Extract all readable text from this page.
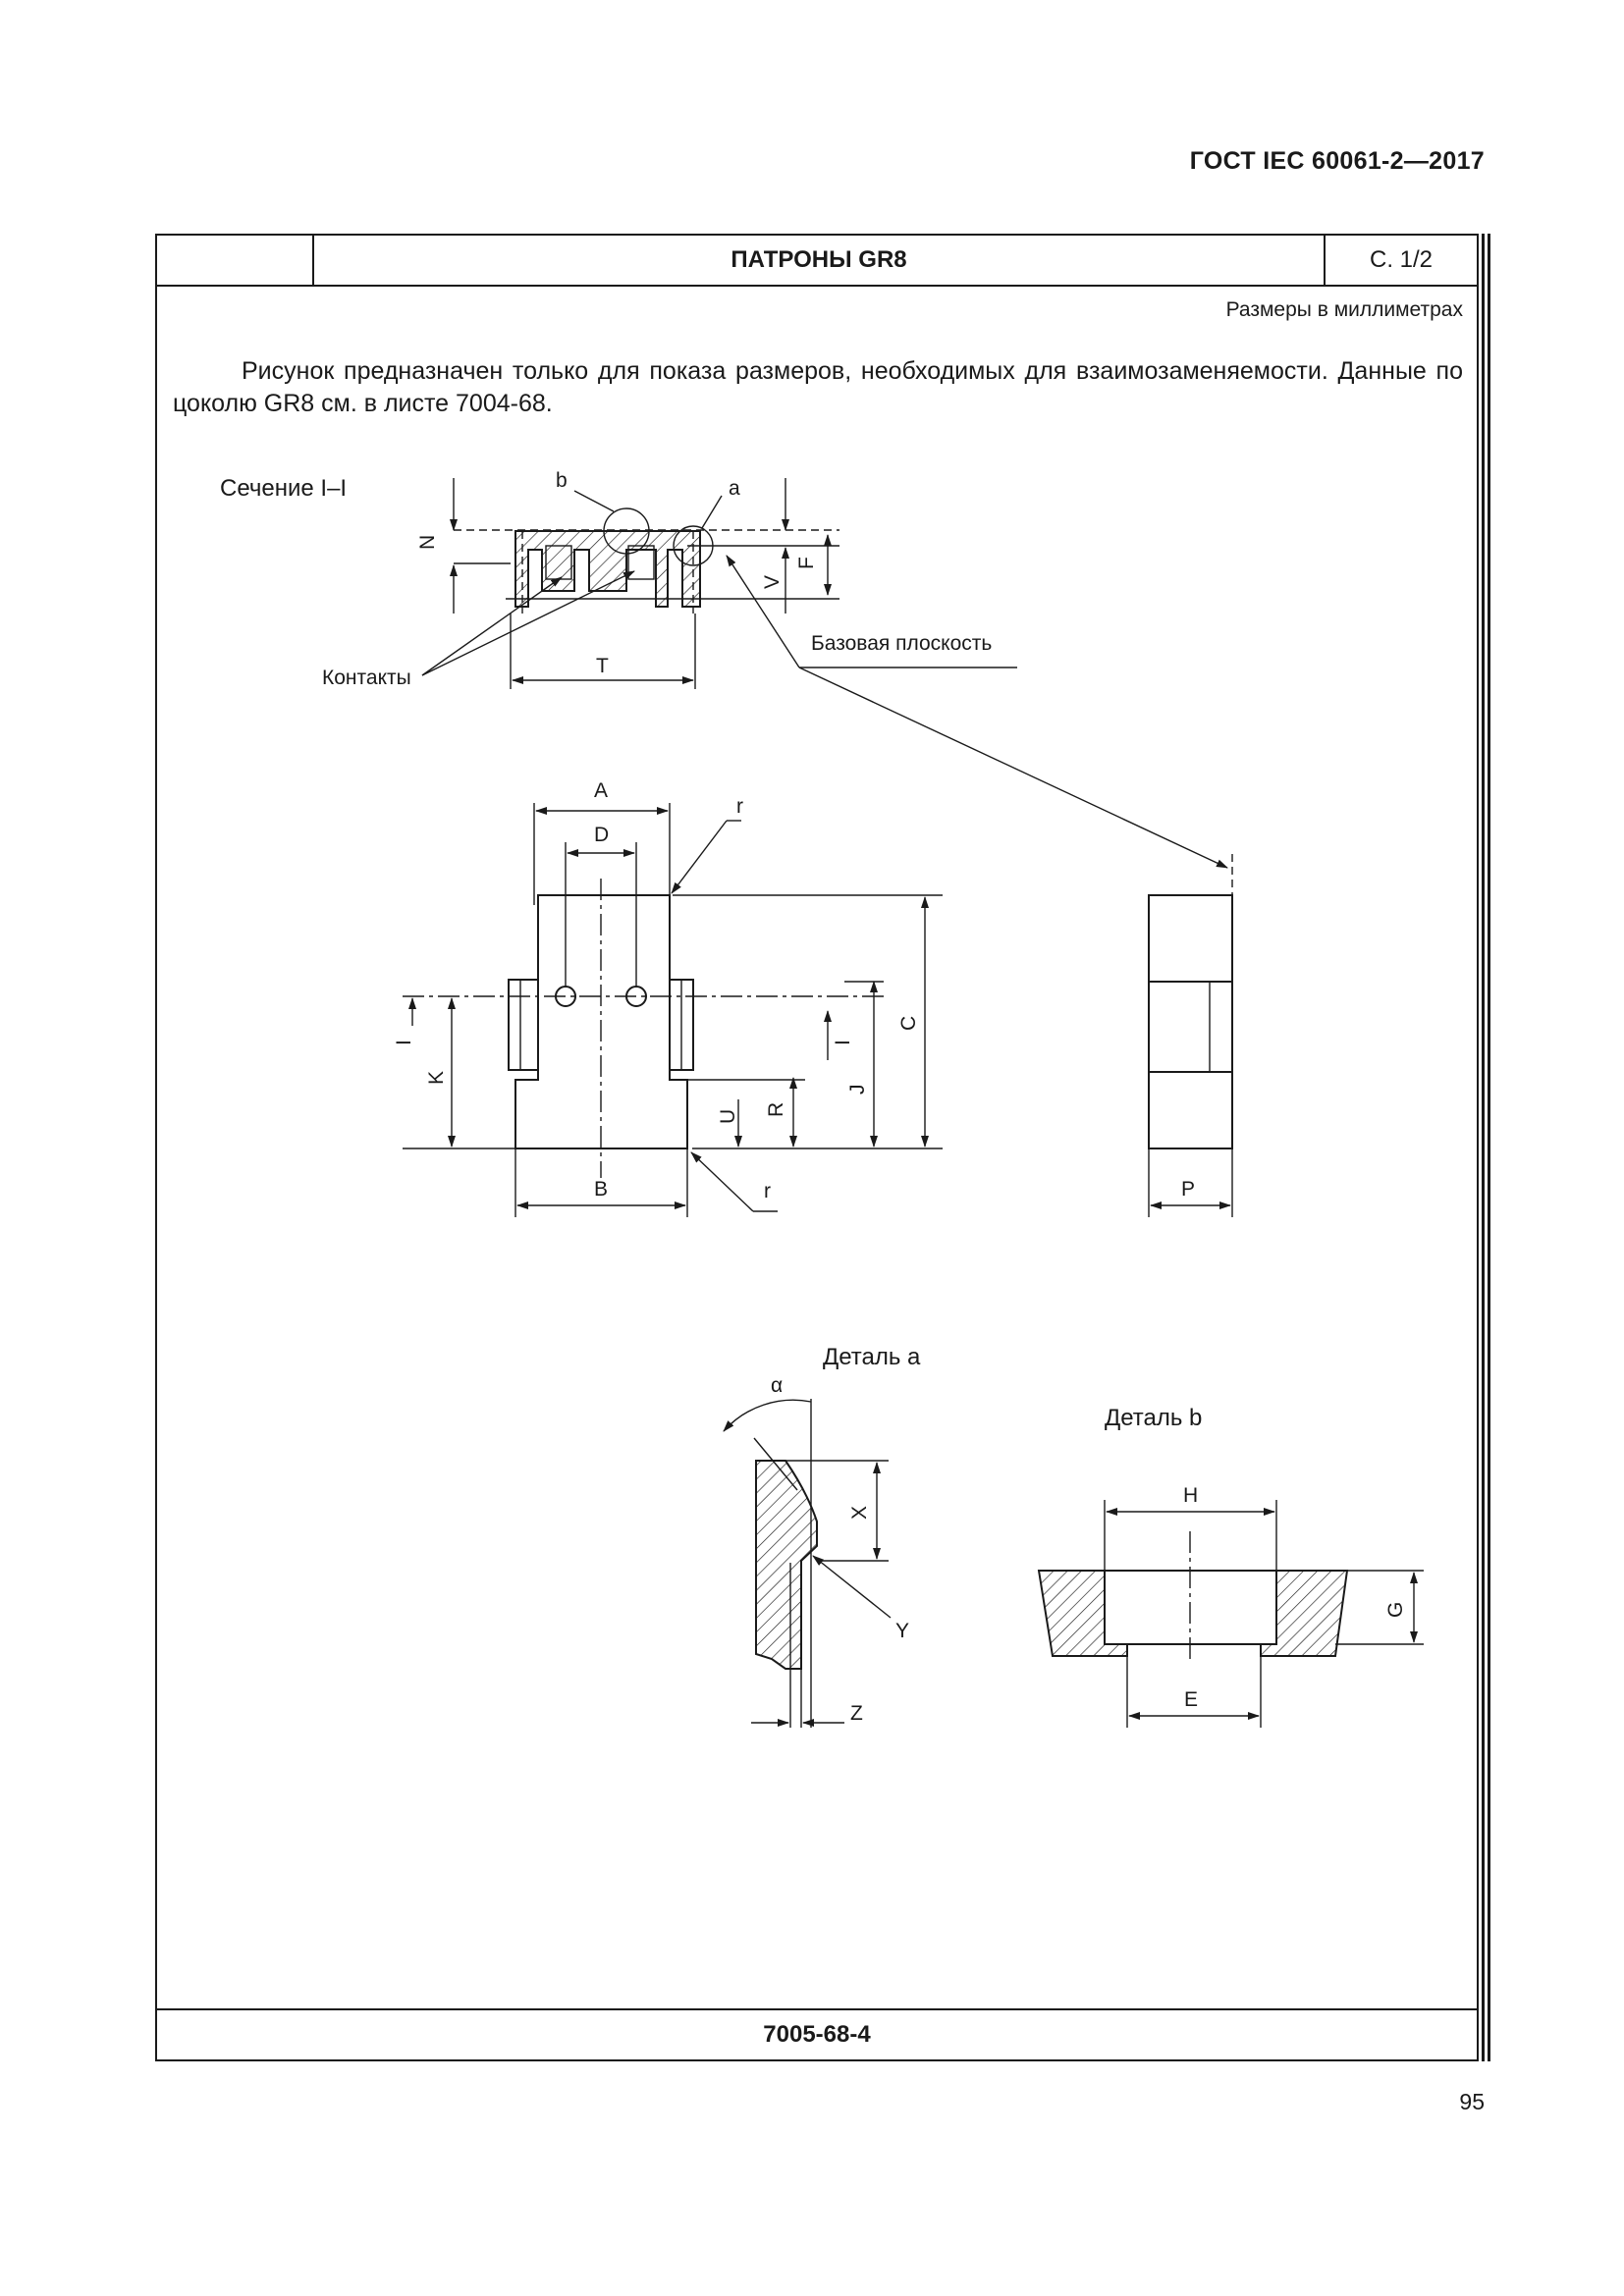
ГОСТ IEC 60061-2—2017
ПАТРОНЫ GR8	С. 1/2
Размеры в миллиметрах
Рисунок предназначен только для показа размеров, необходимых для взаимозаменяемости. Данные по цоколю GR8 см. в листе 7004-68.
7005-68-4
95
Сечение I–I	b	a
N
V
F
T
Контакты
Базовая плоскость
A
D
r
C
J
I
R
U
K
I
B	r	P
Деталь a
α
X
Y
Z
Деталь b
H
G
E
